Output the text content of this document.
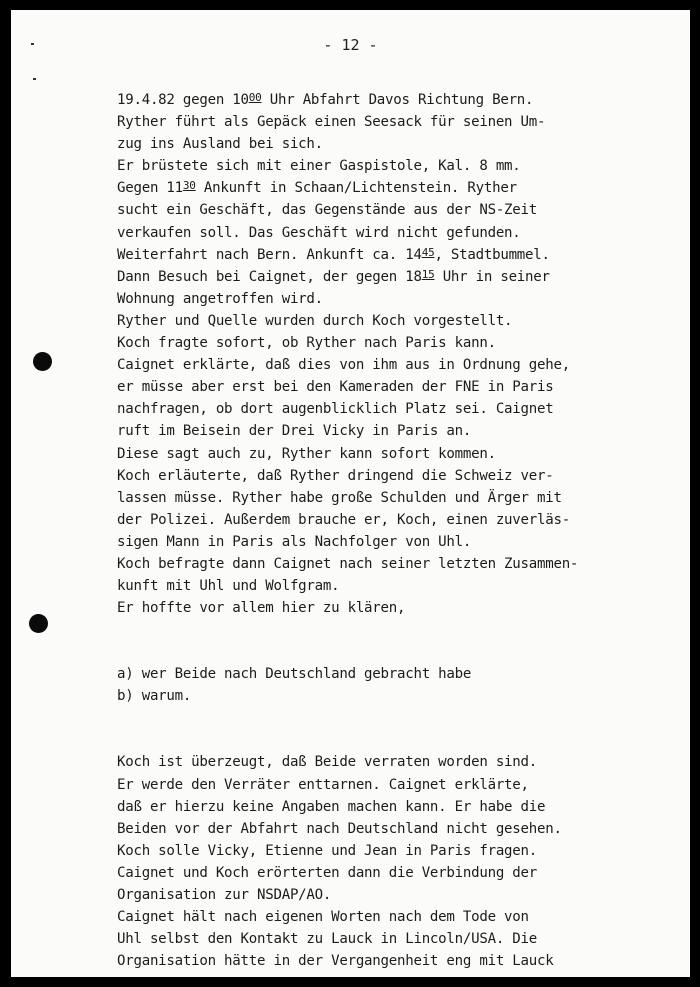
- 12 -
19.4.82 gegen $10^{00}$ Uhr Abfahrt Davos Richtung Bern.
Ryther führt als Gepäck einen Seesack für seinen Um-
zug ins Ausland bei sich.
Er brüstete sich mit einer Gaspistole, Kal. 8 mm.
Gegen $11^{30}$ Ankunft in Schaan/Lichtenstein. Ryther
sucht ein Geschäft, das Gegenstände aus der NS-Zeit
verkaufen soll. Das Geschäft wird nicht gefunden.
Weiterfahrt nach Bern. Ankunft ca. $14^{45}$, Stadtbummel.
Dann Besuch bei Caignet, der gegen $18^{15}$ Uhr in seiner
Wohnung angetroffen wird.
Ryther und Quelle wurden durch Koch vorgestellt.
Koch fragte sofort, ob Ryther nach Paris kann.
Caignet erklärte, daß dies von ihm aus in Ordnung gehe,
er müsse aber erst bei den Kameraden der FNE in Paris
nachfragen, ob dort augenblicklich Platz sei. Caignet
ruft im Beisein der Drei Vicky in Paris an.
Diese sagt auch zu, Ryther kann sofort kommen.
Koch erläuterte, daß Ryther dringend die Schweiz ver-
lassen müsse. Ryther habe große Schulden und Ärger mit
der Polizei. Außerdem brauche er, Koch, einen zuverläs-
sigen Mann in Paris als Nachfolger von Uhl.
Koch befragte dann Caignet nach seiner letzten Zusammen-
kunft mit Uhl und Wolfgram.
Er hoffte vor allem hier zu klären,
a) wer Beide nach Deutschland gebracht habe
b) warum.
Koch ist überzeugt, daß Beide verraten worden sind.
Er werde den Verräter enttarnen. Caignet erklärte,
daß er hierzu keine Angaben machen kann. Er habe die
Beiden vor der Abfahrt nach Deutschland nicht gesehen.
Koch solle Vicky, Etienne und Jean in Paris fragen.
Caignet und Koch erörterten dann die Verbindung der
Organisation zur NSDAP/AO.
Caignet hält nach eigenen Worten nach dem Tode von
Uhl selbst den Kontakt zu Lauck in Lincoln/USA. Die
Organisation hätte in der Vergangenheit eng mit Lauck
